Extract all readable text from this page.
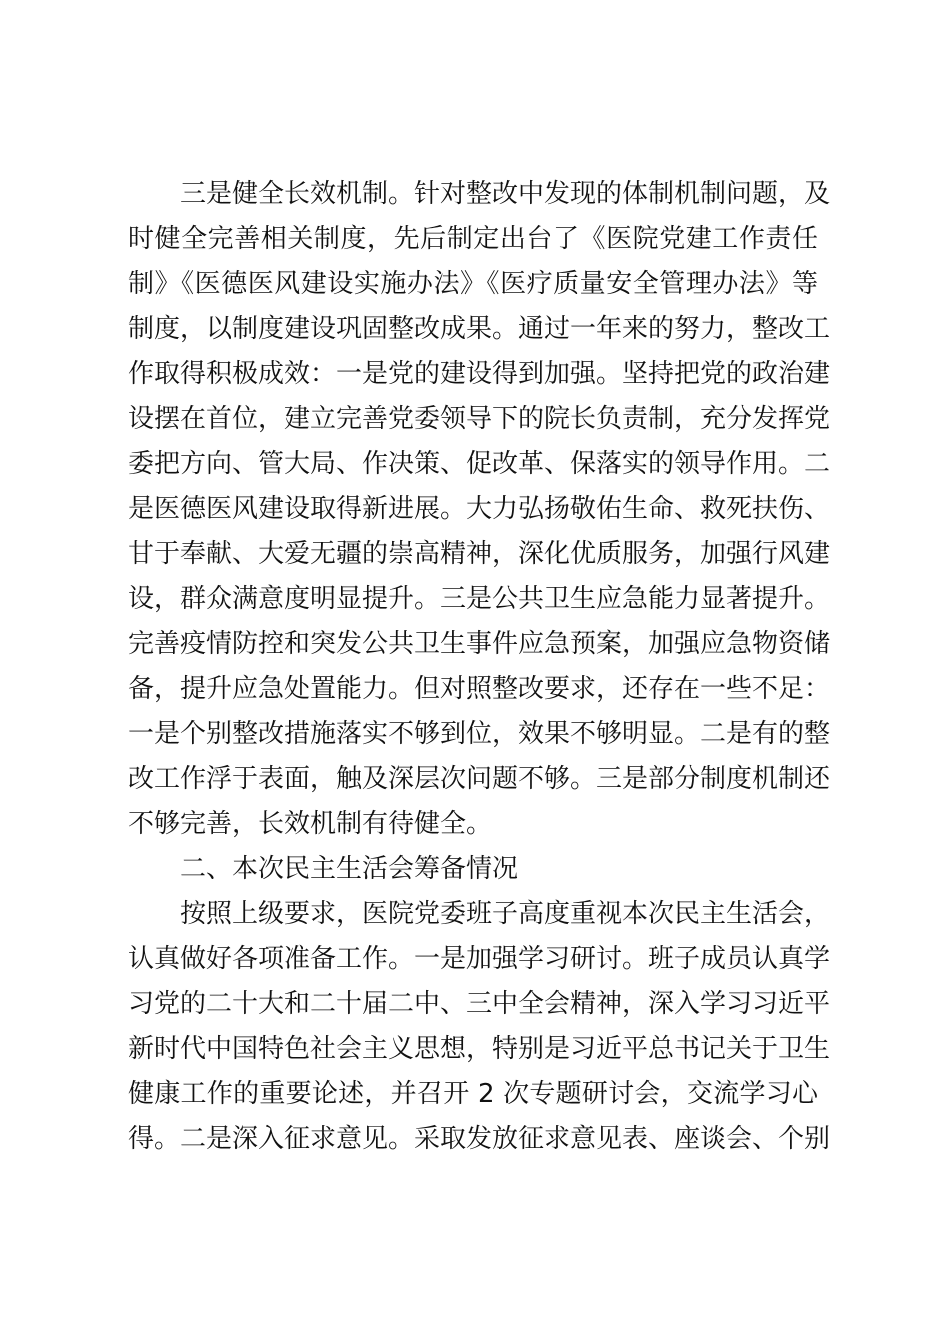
三是健全长效机制。针对整改中发现的体制机制问题，及
时健全完善相关制度，先后制定出台了《医院党建工作责任
制》《医德医风建设实施办法》《医疗质量安全管理办法》等
制度，以制度建设巩固整改成果。通过一年来的努力，整改工
作取得积极成效：一是党的建设得到加强。坚持把党的政治建
设摆在首位，建立完善党委领导下的院长负责制，充分发挥党
委把方向、管大局、作决策、促改革、保落实的领导作用。二
是医德医风建设取得新进展。大力弘扬敬佑生命、救死扶伤、
甘于奉献、大爱无疆的崇高精神，深化优质服务，加强行风建
设，群众满意度明显提升。三是公共卫生应急能力显著提升。
完善疫情防控和突发公共卫生事件应急预案，加强应急物资储
备，提升应急处置能力。但对照整改要求，还存在一些不足：
一是个别整改措施落实不够到位，效果不够明显。二是有的整
改工作浮于表面，触及深层次问题不够。三是部分制度机制还
不够完善，长效机制有待健全。
二、本次民主生活会筹备情况
按照上级要求，医院党委班子高度重视本次民主生活会，
认真做好各项准备工作。一是加强学习研讨。班子成员认真学
习党的二十大和二十届二中、三中全会精神，深入学习习近平
新时代中国特色社会主义思想，特别是习近平总书记关于卫生
健康工作的重要论述，并召开 2 次专题研讨会，交流学习心
得。二是深入征求意见。采取发放征求意见表、座谈会、个别
